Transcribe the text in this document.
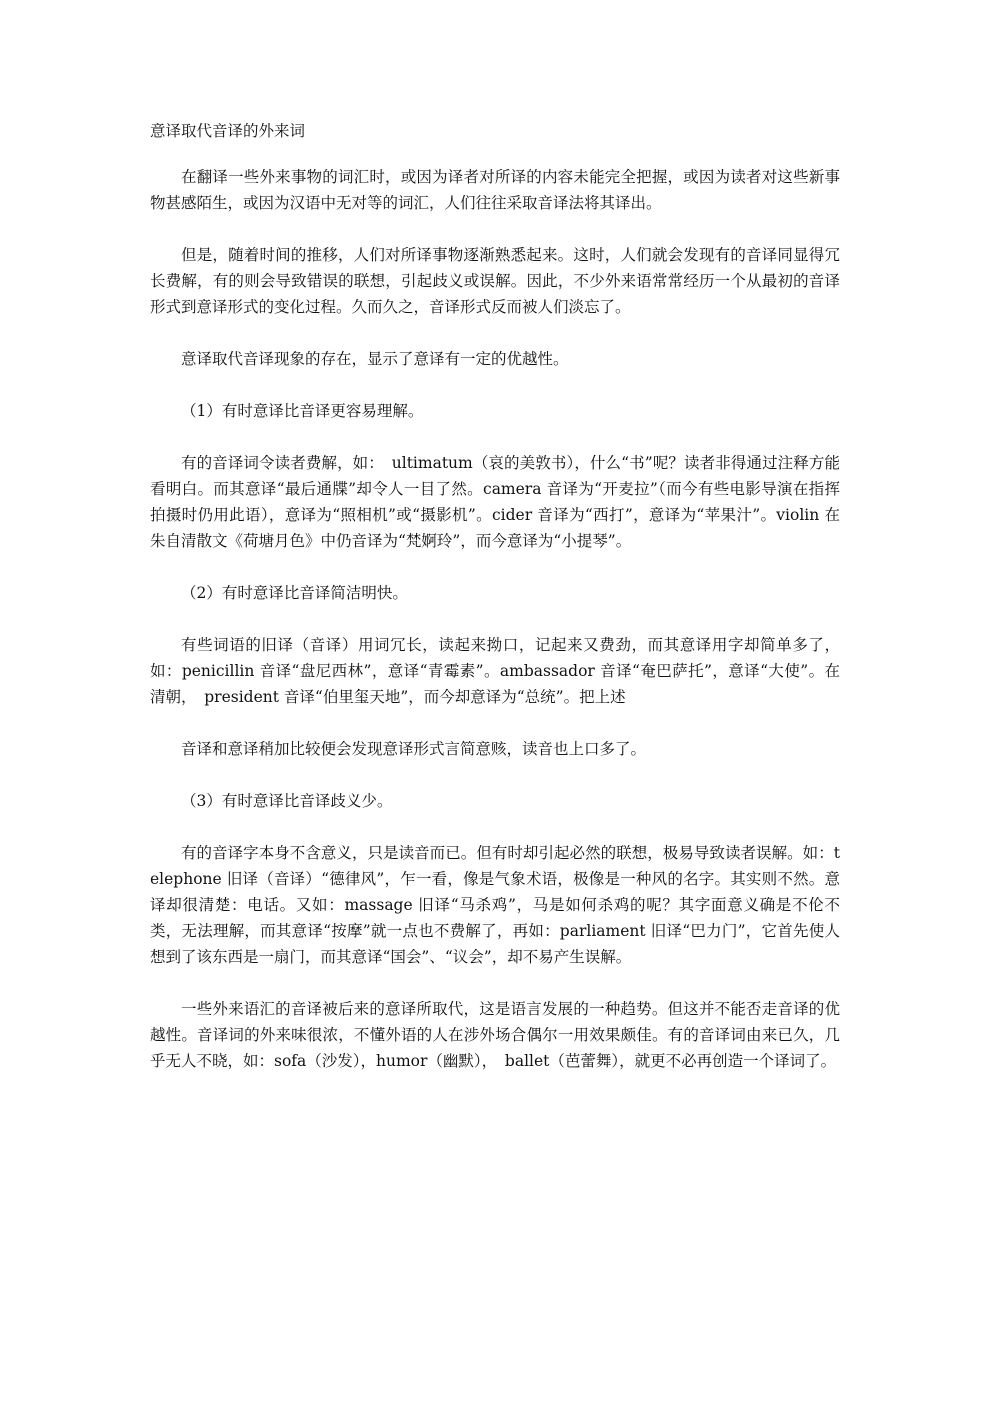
意译取代音译的外来词

在翻译一些外来事物的词汇时，或因为译者对所译的内容未能完全把握，或因为读者对这些新事物甚感陌生，或因为汉语中无对等的词汇，人们往往采取音译法将其译出。

但是，随着时间的推移，人们对所译事物逐渐熟悉起来。这时，人们就会发现有的音译同显得冗长费解，有的则会导致错误的联想，引起歧义或误解。因此，不少外来语常常经历一个从最初的音译形式到意译形式的变化过程。久而久之，音译形式反而被人们淡忘了。

意译取代音译现象的存在，显示了意译有一定的优越性。

（1）有时意译比音译更容易理解。

有的音译词令读者费解，如：　ultimatum（哀的美敦书），什么“书”呢？读者非得通过注释方能看明白。而其意译“最后通牒”却令人一目了然。camera 音译为“开麦拉”（而今有些电影导演在指挥拍摄时仍用此语），意译为“照相机”或“摄影机”。cider 音译为“西打”，意译为“苹果汁”。violin 在朱自清散文《荷塘月色》中仍音译为“梵婀玲”，而今意译为“小提琴”。

（2）有时意译比音译简洁明快。

有些词语的旧译（音译）用词冗长，读起来拗口，记起来又费劲，而其意译用字却简单多了，如：penicillin 音译“盘尼西林”，意译“青霉素”。ambassador 音译“奄巴萨托”，意译“大使”。在清朝，　president 音译“伯里玺天地”，而今却意译为“总统”。把上述

音译和意译稍加比较便会发现意译形式言简意赅，读音也上口多了。

（3）有时意译比音译歧义少。

有的音译字本身不含意义，只是读音而已。但有时却引起必然的联想，极易导致读者误解。如：telephone 旧译（音译）“德律风”，乍一看，像是气象术语，极像是一种风的名字。其实则不然。意译却很清楚：电话。又如：massage 旧译“马杀鸡”，马是如何杀鸡的呢？其字面意义确是不伦不类，无法理解，而其意译“按摩”就一点也不费解了，再如：parliament 旧译“巴力门”，它首先使人想到了该东西是一扇门，而其意译“国会”、“议会”，却不易产生误解。

一些外来语汇的音译被后来的意译所取代，这是语言发展的一种趋势。但这并不能否走音译的优越性。音译词的外来味很浓，不懂外语的人在涉外场合偶尔一用效果颇佳。有的音译词由来已久，几乎无人不晓，如：sofa（沙发），humor（幽默），　ballet（芭蕾舞），就更不必再创造一个译词了。
